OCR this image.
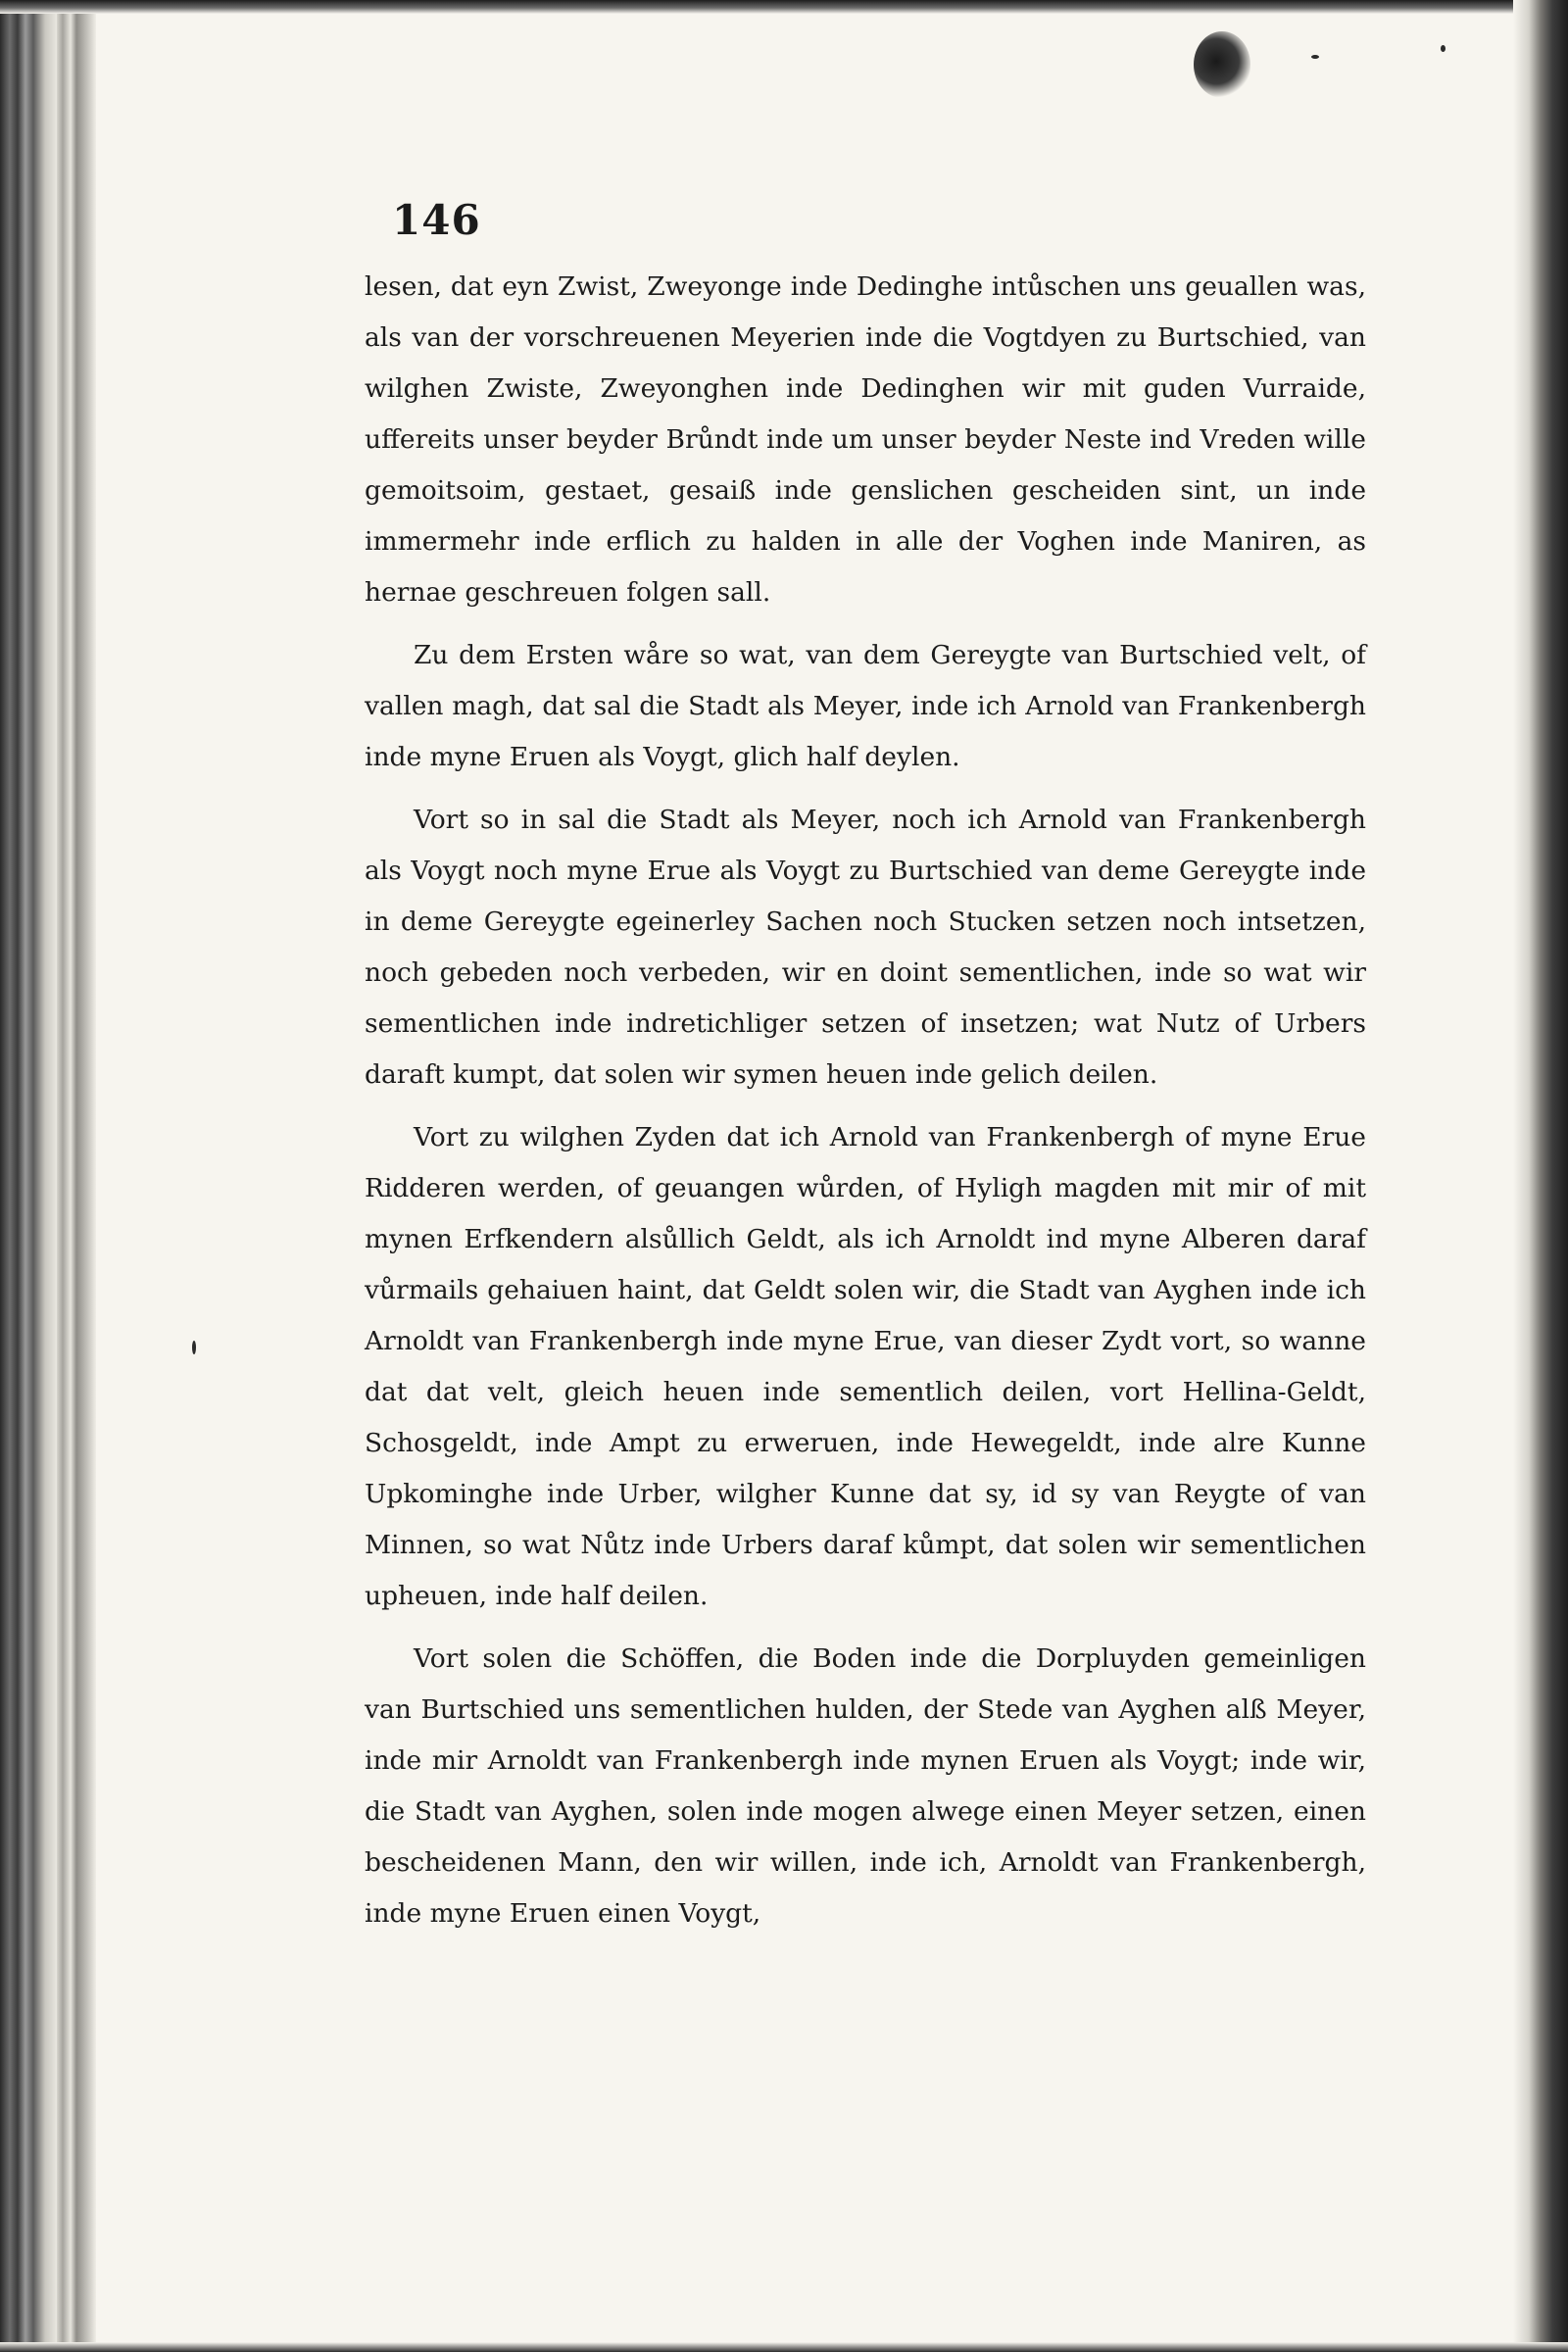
146

lesen, dat eyn Zwist, Zweyonge inde Dedinghe intůschen uns geuallen was, als van der vorschreuenen Meyerien inde die Vogtdyen zu Burtschied, van wilghen Zwiste, Zweyonghen inde Dedinghen wir mit guden Vurraide, uffereits unser beyder Brůndt inde um unser beyder Neste ind Vreden wille gemoitsoim, gestaet, gesaiß inde genslichen gescheiden sint, un inde immermehr inde erflich zu halden in alle der Voghen inde Maniren, as hernae geschreuen folgen sall.

Zu dem Ersten wåre so wat, van dem Gereygte van Burtschied velt, of vallen magh, dat sal die Stadt als Meyer, inde ich Arnold van Frankenbergh inde myne Eruen als Voygt, glich half deylen.

Vort so in sal die Stadt als Meyer, noch ich Arnold van Frankenbergh als Voygt noch myne Erue als Voygt zu Burtschied van deme Gereygte inde in deme Gereygte egeinerley Sachen noch Stucken setzen noch intsetzen, noch gebeden noch verbeden, wir en doint sementlichen, inde so wat wir sementlichen inde indretichliger setzen of insetzen; wat Nutz of Urbers daraft kumpt, dat solen wir symen heuen inde gelich deilen.

Vort zu wilghen Zyden dat ich Arnold van Frankenbergh of myne Erue Ridderen werden, of geuangen wůrden, of Hyligh magden mit mir of mit mynen Erfkendern alsůllich Geldt, als ich Arnoldt ind myne Alberen daraf vůrmails gehaiuen haint, dat Geldt solen wir, die Stadt van Ayghen inde ich Arnoldt van Frankenbergh inde myne Erue, van dieser Zydt vort, so wanne dat dat velt, gleich heuen inde sementlich deilen, vort Hellina-Geldt, Schosgeldt, inde Ampt zu erweruen, inde Hewegeldt, inde alre Kunne Upkominghe inde Urber, wilgher Kunne dat sy, id sy van Reygte of van Minnen, so wat Nůtz inde Urbers daraf kůmpt, dat solen wir sementlichen upheuen, inde half deilen.

Vort solen die Schöffen, die Boden inde die Dorpluyden gemeinligen van Burtschied uns sementlichen hulden, der Stede van Ayghen alß Meyer, inde mir Arnoldt van Frankenbergh inde mynen Eruen als Voygt; inde wir, die Stadt van Ayghen, solen inde mogen alwege einen Meyer setzen, einen bescheidenen Mann, den wir willen, inde ich, Arnoldt van Frankenbergh, inde myne Eruen einen Voygt,
